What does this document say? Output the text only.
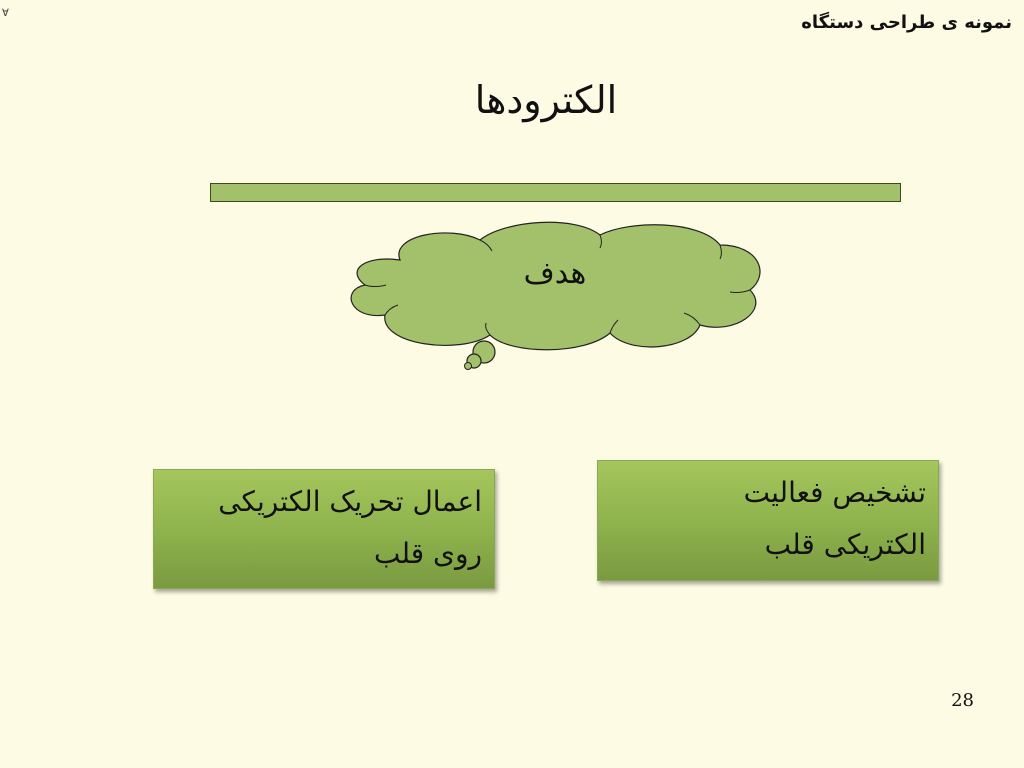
∀	نمونه ی طراحی دستگاه
الکترودها
هدف
تشخیص فعالیت
الکتریکی قلب
اعمال تحریک الکتریکی
روی قلب
28
